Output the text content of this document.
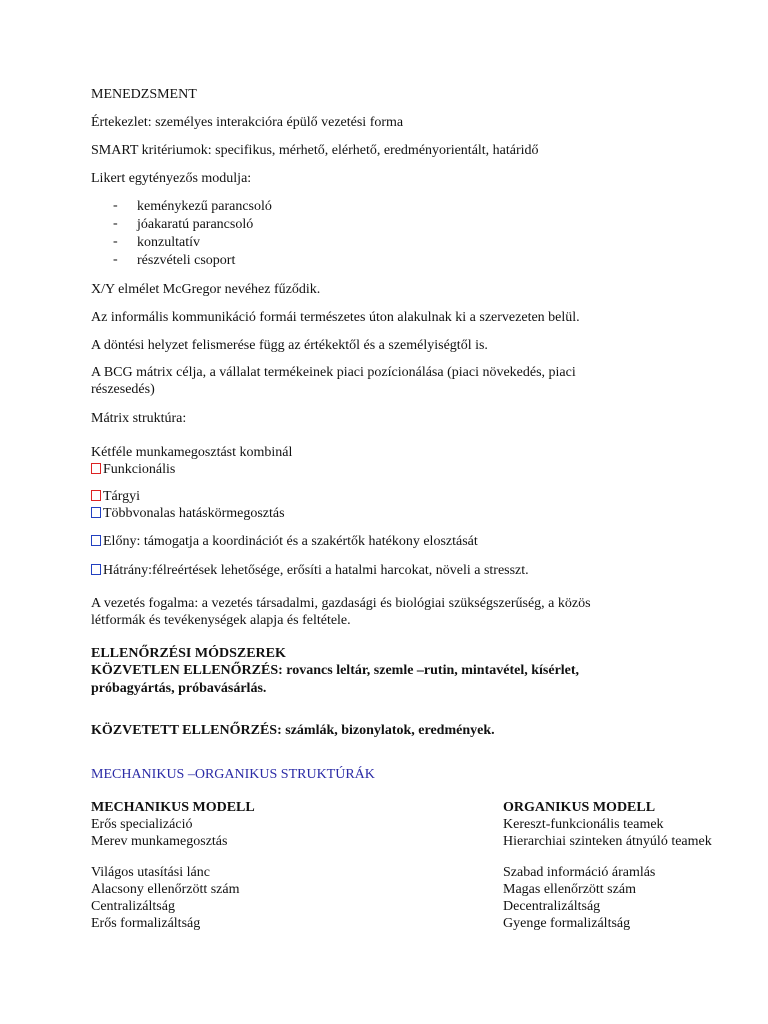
MENEDZSMENT
Értekezlet: személyes interakcióra épülő vezetési forma
SMART kritériumok: specifikus, mérhető, elérhető, eredményorientált, határidő
Likert egytényezős modulja:
- keménykezű parancsoló
- jóakaratú parancsoló
- konzultatív
- részvételi csoport
X/Y elmélet McGregor nevéhez fűződik.
Az informális kommunikáció formái természetes úton alakulnak ki a szervezeten belül.
A döntési helyzet felismerése függ az értékektől és a személyiségtől is.
A BCG mátrix célja, a vállalat termékeinek piaci pozícionálása (piaci növekedés, piaci
részesedés)
Mátrix struktúra:
Kétféle munkamegosztást kombinál
Funkcionális
Tárgyi
Többvonalas hatáskörmegosztás
Előny: támogatja a koordinációt és a szakértők hatékony elosztását
Hátrány:félreértések lehetősége, erősíti a hatalmi harcokat, növeli a stresszt.
A vezetés fogalma: a vezetés társadalmi, gazdasági és biológiai szükségszerűség, a közös
létformák és tevékenységek alapja és feltétele.
ELLENŐRZÉSI MÓDSZEREK
KÖZVETLEN ELLENŐRZÉS: rovancs leltár, szemle –rutin, mintavétel, kísérlet,
próbagyártás, próbavásárlás.
KÖZVETETT ELLENŐRZÉS: számlák, bizonylatok, eredmények.
MECHANIKUS –ORGANIKUS STRUKTÚRÁK
MECHANIKUS MODELL	ORGANIKUS MODELL
Erős specializáció
Merev munkamegosztás
Kereszt-funkcionális teamek
Hierarchiai szinteken átnyúló teamek
Világos utasítási lánc
Alacsony ellenőrzött szám
Centralizáltság
Erős formalizáltság
Szabad információ áramlás
Magas ellenőrzött szám
Decentralizáltság
Gyenge formalizáltság
